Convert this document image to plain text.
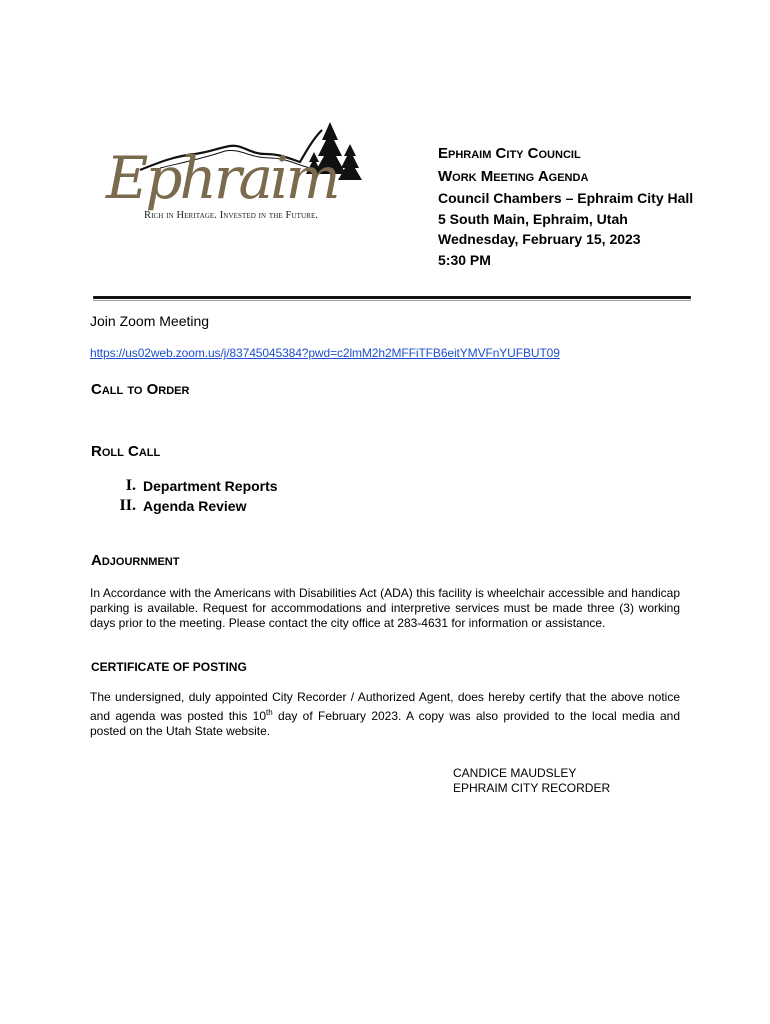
Ephraim
Rich in Heritage. Invested in the Future.
Ephraim City Council
Work Meeting Agenda
Council Chambers – Ephraim City Hall
5 South Main, Ephraim, Utah
Wednesday, February 15, 2023
5:30 PM
Join Zoom Meeting
https://us02web.zoom.us/j/83745045384?pwd=c2lmM2h2MFFiTFB6eitYMVFnYUFBUT09
Call to Order
Roll Call
I. Department Reports
II. Agenda Review
Adjournment
In Accordance with the Americans with Disabilities Act (ADA) this facility is wheelchair accessible and handicap parking is available. Request for accommodations and interpretive services must be made three (3) working days prior to the meeting. Please contact the city office at 283-4631 for information or assistance.
CERTIFICATE OF POSTING
The undersigned, duly appointed City Recorder / Authorized Agent, does hereby certify that the above notice and agenda was posted this 10th day of February 2023. A copy was also provided to the local media and posted on the Utah State website.
CANDICE MAUDSLEY
EPHRAIM CITY RECORDER
